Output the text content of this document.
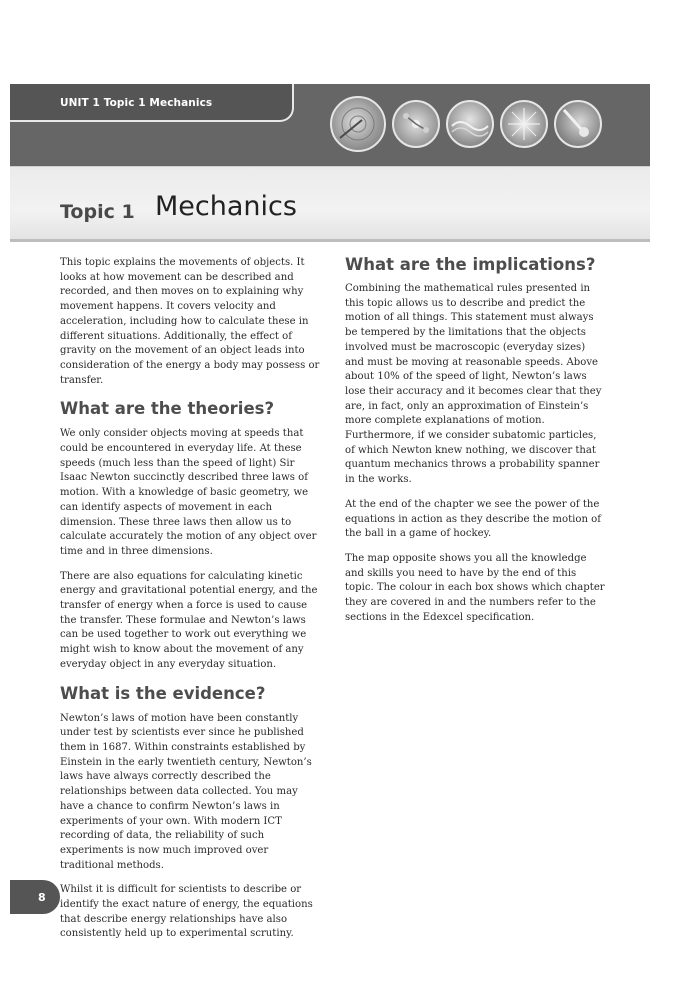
UNIT 1 Topic 1 Mechanics
Topic 1 Mechanics

This topic explains the movements of objects. It looks at how movement can be described and recorded, and then moves on to explaining why movement happens. It covers velocity and acceleration, including how to calculate these in different situations. Additionally, the effect of gravity on the movement of an object leads into consideration of the energy a body may possess or transfer.

What are the theories?

We only consider objects moving at speeds that could be encountered in everyday life. At these speeds (much less than the speed of light) Sir Isaac Newton succinctly described three laws of motion. With a knowledge of basic geometry, we can identify aspects of movement in each dimension. These three laws then allow us to calculate accurately the motion of any object over time and in three dimensions.

There are also equations for calculating kinetic energy and gravitational potential energy, and the transfer of energy when a force is used to cause the transfer. These formulae and Newton’s laws can be used together to work out everything we might wish to know about the movement of any everyday object in any everyday situation.

What is the evidence?

Newton’s laws of motion have been constantly under test by scientists ever since he published them in 1687. Within constraints established by Einstein in the early twentieth century, Newton’s laws have always correctly described the relationships between data collected. You may have a chance to confirm Newton’s laws in experiments of your own. With modern ICT recording of data, the reliability of such experiments is now much improved over traditional methods.

Whilst it is difficult for scientists to describe or identify the exact nature of energy, the equations that describe energy relationships have also consistently held up to experimental scrutiny.

What are the implications?

Combining the mathematical rules presented in this topic allows us to describe and predict the motion of all things. This statement must always be tempered by the limitations that the objects involved must be macroscopic (everyday sizes) and must be moving at reasonable speeds. Above about 10% of the speed of light, Newton’s laws lose their accuracy and it becomes clear that they are, in fact, only an approximation of Einstein’s more complete explanations of motion. Furthermore, if we consider subatomic particles, of which Newton knew nothing, we discover that quantum mechanics throws a probability spanner in the works.

At the end of the chapter we see the power of the equations in action as they describe the motion of the ball in a game of hockey.

The map opposite shows you all the knowledge and skills you need to have by the end of this topic. The colour in each box shows which chapter they are covered in and the numbers refer to the sections in the Edexcel specification.

8
